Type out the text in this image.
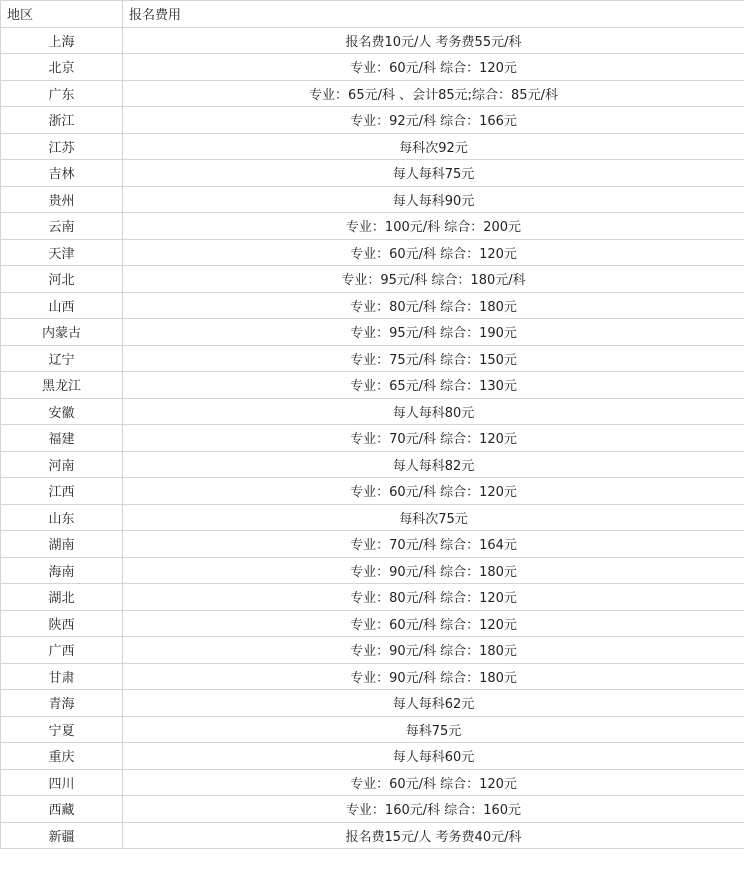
地区	报名费用
上海	报名费10元/人 考务费55元/科
北京	专业：60元/科 综合：120元
广东	专业：65元/科 、会计85元;综合：85元/科
浙江	专业：92元/科 综合：166元
江苏	每科次92元
吉林	每人每科75元
贵州	每人每科90元
云南	专业：100元/科 综合：200元
天津	专业：60元/科 综合：120元
河北	专业：95元/科 综合：180元/科
山西	专业：80元/科 综合：180元
内蒙古	专业：95元/科 综合：190元
辽宁	专业：75元/科 综合：150元
黑龙江	专业：65元/科 综合：130元
安徽	每人每科80元
福建	专业：70元/科 综合：120元
河南	每人每科82元
江西	专业：60元/科 综合：120元
山东	每科次75元
湖南	专业：70元/科 综合：164元
海南	专业：90元/科 综合：180元
湖北	专业：80元/科 综合：120元
陕西	专业：60元/科 综合：120元
广西	专业：90元/科 综合：180元
甘肃	专业：90元/科 综合：180元
青海	每人每科62元
宁夏	每科75元
重庆	每人每科60元
四川	专业：60元/科 综合：120元
西藏	专业：160元/科 综合：160元
新疆	报名费15元/人 考务费40元/科
